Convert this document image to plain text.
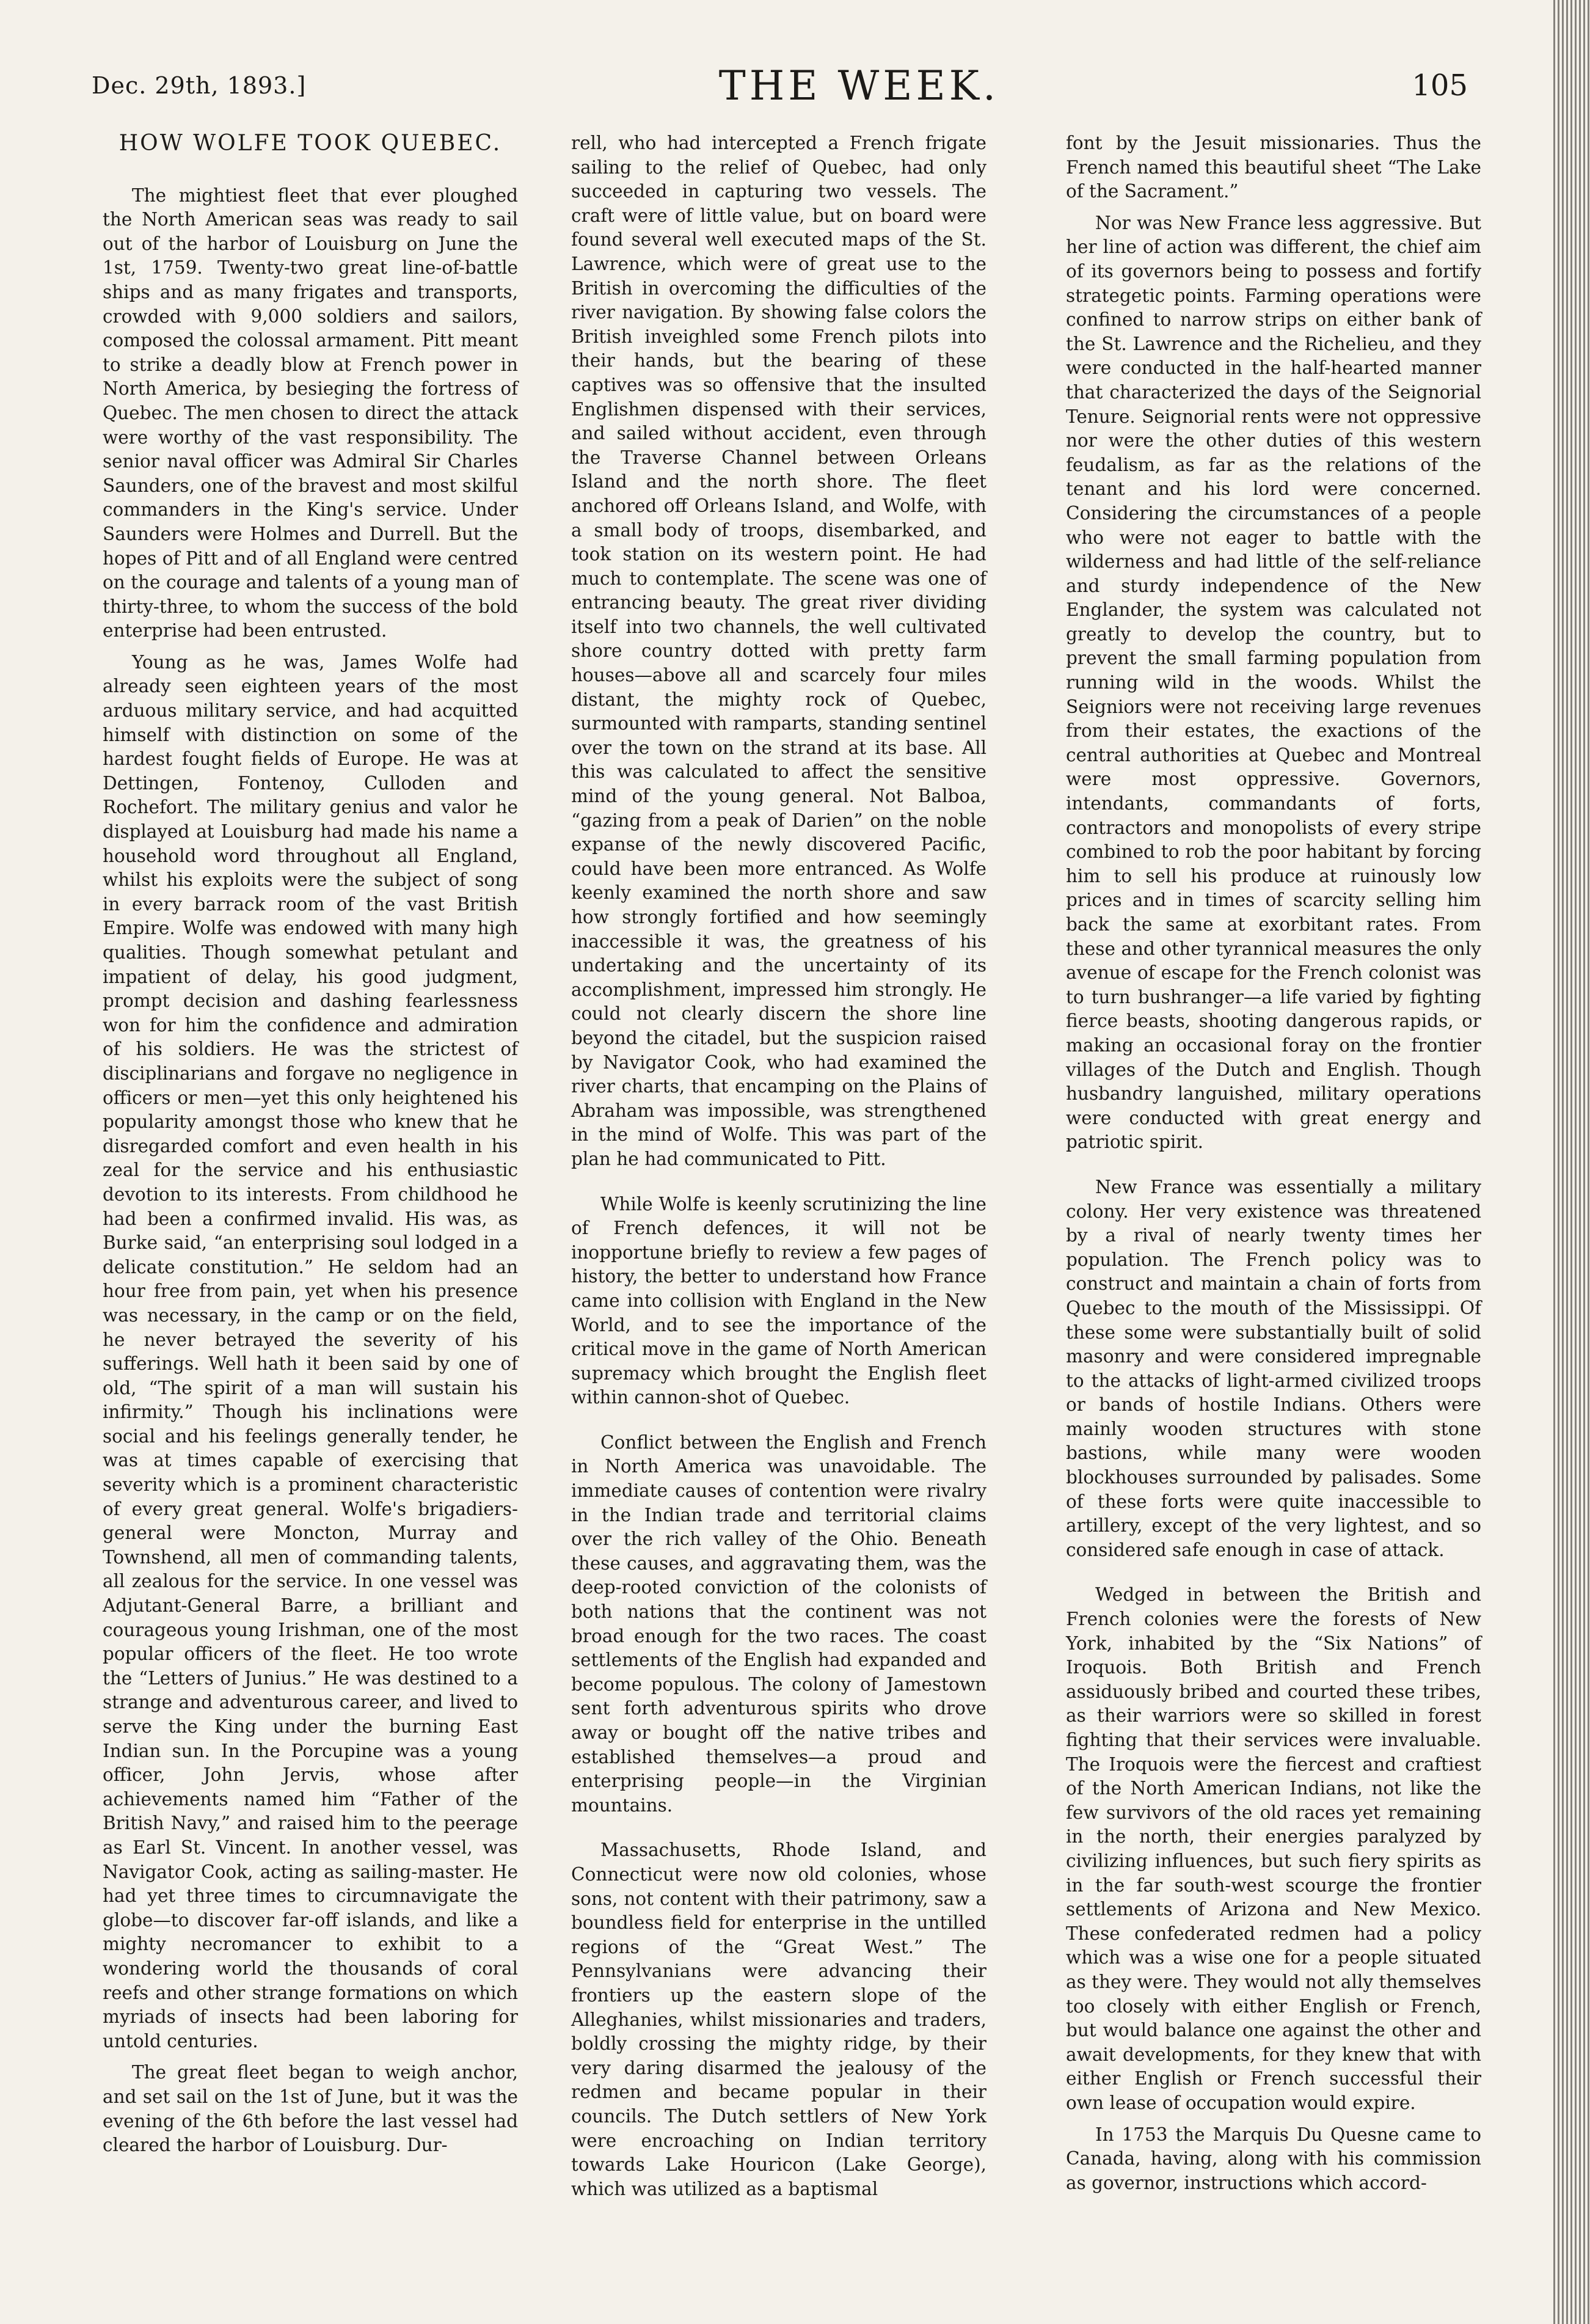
Dec. 29th, 1893.]	THE WEEK.	105
HOW WOLFE TOOK QUEBEC.

The mightiest fleet that ever ploughed the North American seas was ready to sail out of the harbor of Louisburg on June the 1st, 1759. Twenty-two great line-of-battle ships and as many frigates and transports, crowded with 9,000 soldiers and sailors, composed the colossal armament. Pitt meant to strike a deadly blow at French power in North America, by besieging the fortress of Quebec. The men chosen to direct the attack were worthy of the vast responsibility. The senior naval officer was Admiral Sir Charles Saunders, one of the bravest and most skilful commanders in the King's service. Under Saunders were Holmes and Durrell. But the hopes of Pitt and of all England were centred on the courage and talents of a young man of thirty-three, to whom the success of the bold enterprise had been entrusted.

Young as he was, James Wolfe had already seen eighteen years of the most arduous military service, and had acquitted himself with distinction on some of the hardest fought fields of Europe. He was at Dettingen, Fontenoy, Culloden and Rochefort. The military genius and valor he displayed at Louisburg had made his name a household word throughout all England, whilst his exploits were the subject of song in every barrack room of the vast British Empire. Wolfe was endowed with many high qualities. Though somewhat petulant and impatient of delay, his good judgment, prompt decision and dashing fearlessness won for him the confidence and admiration of his soldiers. He was the strictest of disciplinarians and forgave no negligence in officers or men—yet this only heightened his popularity amongst those who knew that he disregarded comfort and even health in his zeal for the service and his enthusiastic devotion to its interests. From childhood he had been a confirmed invalid. His was, as Burke said, “an enterprising soul lodged in a delicate constitution.” He seldom had an hour free from pain, yet when his presence was necessary, in the camp or on the field, he never betrayed the severity of his sufferings. Well hath it been said by one of old, “The spirit of a man will sustain his infirmity.” Though his inclinations were social and his feelings generally tender, he was at times capable of exercising that severity which is a prominent characteristic of every great general. Wolfe's brigadiers-general were Moncton, Murray and Townshend, all men of commanding talents, all zealous for the service. In one vessel was Adjutant-General Barre, a brilliant and courageous young Irishman, one of the most popular officers of the fleet. He too wrote the “Letters of Junius.” He was destined to a strange and adventurous career, and lived to serve the King under the burning East Indian sun. In the Porcupine was a young officer, John Jervis, whose after achievements named him “Father of the British Navy,” and raised him to the peerage as Earl St. Vincent. In another vessel, was Navigator Cook, acting as sailing-master. He had yet three times to circumnavigate the globe—to discover far-off islands, and like a mighty necromancer to exhibit to a wondering world the thousands of coral reefs and other strange formations on which myriads of insects had been laboring for untold centuries.

The great fleet began to weigh anchor, and set sail on the 1st of June, but it was the evening of the 6th before the last vessel had cleared the harbor of Louisburg. Dur-

rell, who had intercepted a French frigate sailing to the relief of Quebec, had only succeeded in capturing two vessels. The craft were of little value, but on board were found several well executed maps of the St. Lawrence, which were of great use to the British in overcoming the difficulties of the river navigation. By showing false colors the British inveighled some French pilots into their hands, but the bearing of these captives was so offensive that the insulted Englishmen dispensed with their services, and sailed without accident, even through the Traverse Channel between Orleans Island and the north shore. The fleet anchored off Orleans Island, and Wolfe, with a small body of troops, disembarked, and took station on its western point. He had much to contemplate. The scene was one of entrancing beauty. The great river dividing itself into two channels, the well cultivated shore country dotted with pretty farm houses—above all and scarcely four miles distant, the mighty rock of Quebec, surmounted with ramparts, standing sentinel over the town on the strand at its base. All this was calculated to affect the sensitive mind of the young general. Not Balboa, “gazing from a peak of Darien” on the noble expanse of the newly discovered Pacific, could have been more entranced. As Wolfe keenly examined the north shore and saw how strongly fortified and how seemingly inaccessible it was, the greatness of his undertaking and the uncertainty of its accomplishment, impressed him strongly. He could not clearly discern the shore line beyond the citadel, but the suspicion raised by Navigator Cook, who had examined the river charts, that encamping on the Plains of Abraham was impossible, was strengthened in the mind of Wolfe. This was part of the plan he had communicated to Pitt.

While Wolfe is keenly scrutinizing the line of French defences, it will not be inopportune briefly to review a few pages of history, the better to understand how France came into collision with England in the New World, and to see the importance of the critical move in the game of North American supremacy which brought the English fleet within cannon-shot of Quebec.

Conflict between the English and French in North America was unavoidable. The immediate causes of contention were rivalry in the Indian trade and territorial claims over the rich valley of the Ohio. Beneath these causes, and aggravating them, was the deep-rooted conviction of the colonists of both nations that the continent was not broad enough for the two races. The coast settlements of the English had expanded and become populous. The colony of Jamestown sent forth adventurous spirits who drove away or bought off the native tribes and established themselves—a proud and enterprising people—in the Virginian mountains.

Massachusetts, Rhode Island, and Connecticut were now old colonies, whose sons, not content with their patrimony, saw a boundless field for enterprise in the untilled regions of the “Great West.” The Pennsylvanians were advancing their frontiers up the eastern slope of the Alleghanies, whilst missionaries and traders, boldly crossing the mighty ridge, by their very daring disarmed the jealousy of the redmen and became popular in their councils. The Dutch settlers of New York were encroaching on Indian territory towards Lake Houricon (Lake George), which was utilized as a baptismal

font by the Jesuit missionaries. Thus the French named this beautiful sheet “The Lake of the Sacrament.”

Nor was New France less aggressive. But her line of action was different, the chief aim of its governors being to possess and fortify strategetic points. Farming operations were confined to narrow strips on either bank of the St. Lawrence and the Richelieu, and they were conducted in the half-hearted manner that characterized the days of the Seignorial Tenure. Seignorial rents were not oppressive nor were the other duties of this western feudalism, as far as the relations of the tenant and his lord were concerned. Considering the circumstances of a people who were not eager to battle with the wilderness and had little of the self-reliance and sturdy independence of the New Englander, the system was calculated not greatly to develop the country, but to prevent the small farming population from running wild in the woods. Whilst the Seigniors were not receiving large revenues from their estates, the exactions of the central authorities at Quebec and Montreal were most oppressive. Governors, intendants, commandants of forts, contractors and monopolists of every stripe combined to rob the poor habitant by forcing him to sell his produce at ruinously low prices and in times of scarcity selling him back the same at exorbitant rates. From these and other tyrannical measures the only avenue of escape for the French colonist was to turn bushranger—a life varied by fighting fierce beasts, shooting dangerous rapids, or making an occasional foray on the frontier villages of the Dutch and English. Though husbandry languished, military operations were conducted with great energy and patriotic spirit.

New France was essentially a military colony. Her very existence was threatened by a rival of nearly twenty times her population. The French policy was to construct and maintain a chain of forts from Quebec to the mouth of the Mississippi. Of these some were substantially built of solid masonry and were considered impregnable to the attacks of light-armed civilized troops or bands of hostile Indians. Others were mainly wooden structures with stone bastions, while many were wooden blockhouses surrounded by palisades. Some of these forts were quite inaccessible to artillery, except of the very lightest, and so considered safe enough in case of attack.

Wedged in between the British and French colonies were the forests of New York, inhabited by the “Six Nations” of Iroquois. Both British and French assiduously bribed and courted these tribes, as their warriors were so skilled in forest fighting that their services were invaluable. The Iroquois were the fiercest and craftiest of the North American Indians, not like the few survivors of the old races yet remaining in the north, their energies paralyzed by civilizing influences, but such fiery spirits as in the far south-west scourge the frontier settlements of Arizona and New Mexico. These confederated redmen had a policy which was a wise one for a people situated as they were. They would not ally themselves too closely with either English or French, but would balance one against the other and await developments, for they knew that with either English or French successful their own lease of occupation would expire.

In 1753 the Marquis Du Quesne came to Canada, having, along with his commission as governor, instructions which accord-
